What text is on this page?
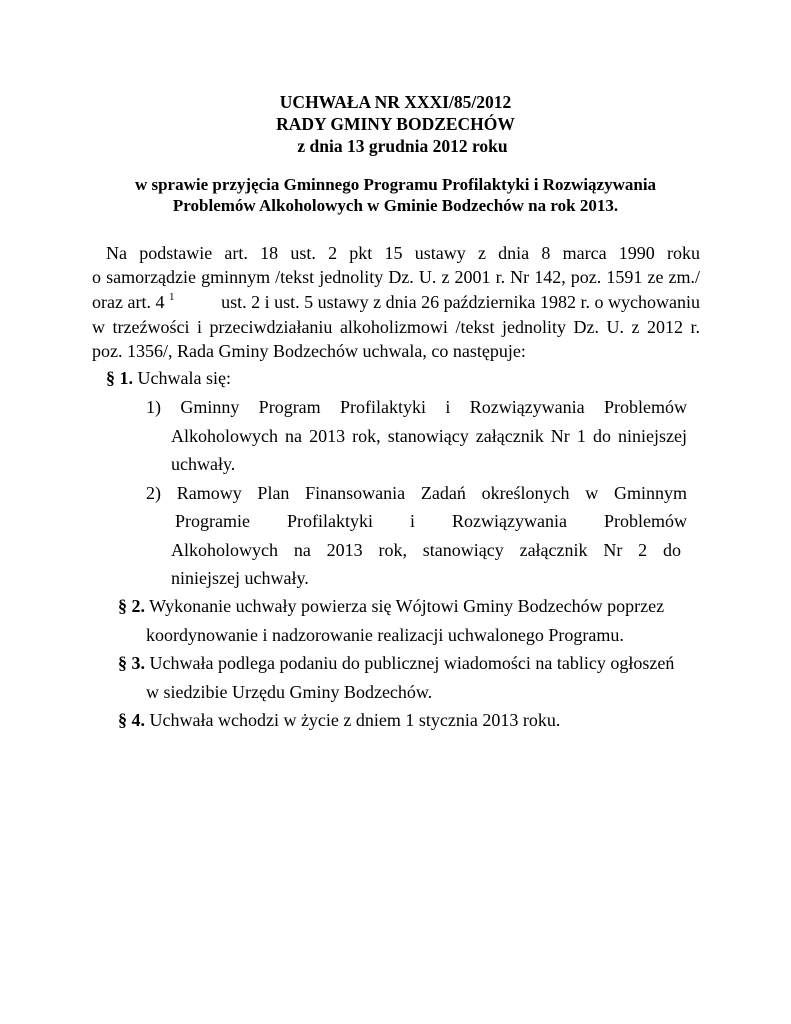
UCHWAŁA NR XXXI/85/2012
RADY GMINY BODZECHÓW
z dnia 13 grudnia 2012 roku
w sprawie przyjęcia Gminnego Programu Profilaktyki i Rozwiązywania
Problemów Alkoholowych w Gminie Bodzechów na rok 2013.
Na podstawie art. 18 ust. 2 pkt 15 ustawy z dnia 8 marca 1990 roku
o samorządzie gminnym /tekst jednolity Dz. U. z 2001 r. Nr 142, poz. 1591 ze zm./
oraz art. 4 $^1$	ust. 2 i ust. 5 ustawy z dnia 26 października 1982 r. o wychowaniu
w trzeźwości i przeciwdziałaniu alkoholizmowi /tekst jednolity Dz. U. z 2012 r.
poz. 1356/, Rada Gminy Bodzechów uchwala, co następuje:
§ 1. Uchwala się:
1) Gminny Program Profilaktyki i Rozwiązywania Problemów
Alkoholowych na 2013 rok, stanowiący załącznik Nr 1 do niniejszej
uchwały.
2) Ramowy Plan Finansowania Zadań określonych w Gminnym
Programie Profilaktyki i Rozwiązywania Problemów
Alkoholowych na 2013 rok, stanowiący załącznik Nr 2 do
niniejszej uchwały.
§ 2. Wykonanie uchwały powierza się Wójtowi Gminy Bodzechów poprzez
koordynowanie i nadzorowanie realizacji uchwalonego Programu.
§ 3. Uchwała podlega podaniu do publicznej wiadomości na tablicy ogłoszeń
w siedzibie Urzędu Gminy Bodzechów.
§ 4. Uchwała wchodzi w życie z dniem 1 stycznia 2013 roku.
